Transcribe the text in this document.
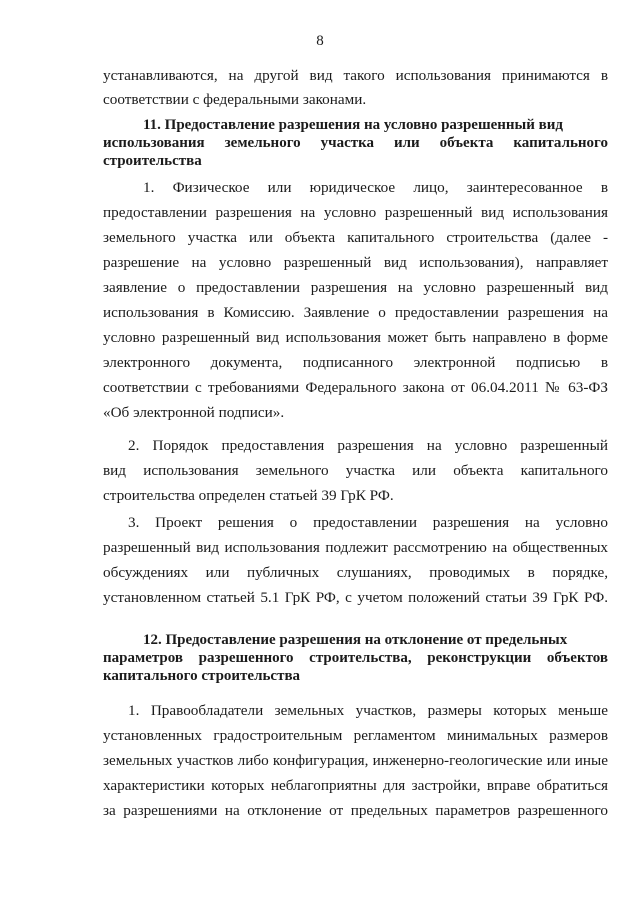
8
устанавливаются, на другой вид такого использования принимаются в
соответствии с федеральными законами.
11. Предоставление разрешения на условно разрешенный вид
использования земельного участка или объекта капитального
строительства
1. Физическое или юридическое лицо, заинтересованное в
предоставлении разрешения на условно разрешенный вид использования
земельного участка или объекта капитального строительства (далее -
разрешение на условно разрешенный вид использования), направляет
заявление о предоставлении разрешения на условно разрешенный вид
использования в Комиссию. Заявление о предоставлении разрешения на
условно разрешенный вид использования может быть направлено в форме
электронного документа, подписанного электронной подписью в
соответствии с требованиями Федерального закона от 06.04.2011 № 63-ФЗ
«Об электронной подписи».
2. Порядок предоставления разрешения на условно разрешенный
вид использования земельного участка или объекта капитального
строительства определен статьей 39 ГрК РФ.
3. Проект решения о предоставлении разрешения на условно
разрешенный вид использования подлежит рассмотрению на общественных
обсуждениях или публичных слушаниях, проводимых в порядке,
установленном статьей 5.1 ГрК РФ, с учетом положений статьи 39 ГрК РФ.
12. Предоставление разрешения на отклонение от предельных
параметров разрешенного строительства, реконструкции объектов
капитального строительства
1. Правообладатели земельных участков, размеры которых меньше
установленных градостроительным регламентом минимальных размеров
земельных участков либо конфигурация, инженерно-геологические или иные
характеристики которых неблагоприятны для застройки, вправе обратиться
за разрешениями на отклонение от предельных параметров разрешенного
